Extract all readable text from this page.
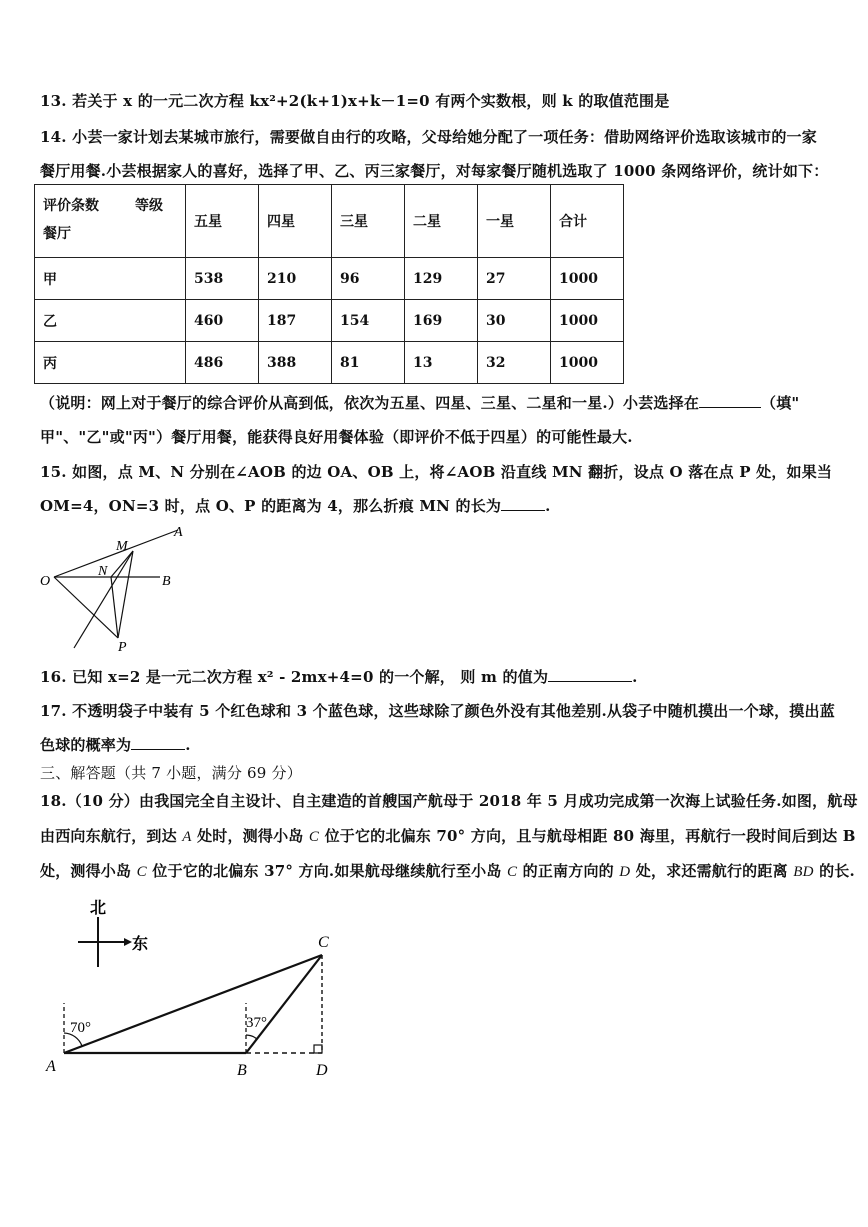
13. 若关于 x 的一元二次方程 kx²+2(k+1)x+k－1=0 有两个实数根，则 k 的取值范围是
14. 小芸一家计划去某城市旅行，需要做自由行的攻略，父母给她分配了一项任务：借助网络评价选取该城市的一家
餐厅用餐.小芸根据家人的喜好，选择了甲、乙、丙三家餐厅，对每家餐厅随机选取了 1000 条网络评价，统计如下：
评价条数 等级
餐厅	五星	四星	三星	二星	一星	合计
甲	538	210	96	129	27	1000
乙	460	187	154	169	30	1000
丙	486	388	81	13	32	1000
（说明：网上对于餐厅的综合评价从高到低，依次为五星、四星、三星、二星和一星.）小芸选择在	（填"
甲"、"乙"或"丙"）餐厅用餐，能获得良好用餐体验（即评价不低于四星）的可能性最大.
15. 如图，点 M、N 分别在∠AOB 的边 OA、OB 上，将∠AOB 沿直线 MN 翻折，设点 O 落在点 P 处，如果当
OM=4，ON=3 时，点 O、P 的距离为 4，那么折痕 MN 的长为	.
A
M
N
O	B
P
16. 已知 x=2 是一元二次方程 x² - 2mx+4=0 的一个解， 则 m 的值为	.
17. 不透明袋子中装有 5 个红色球和 3 个蓝色球，这些球除了颜色外没有其他差别.从袋子中随机摸出一个球，摸出蓝
色球的概率为	.
三、解答题（共 7 小题，满分 69 分）
18.（10 分）由我国完全自主设计、自主建造的首艘国产航母于 2018 年 5 月成功完成第一次海上试验任务.如图，航母
由西向东航行，到达 A 处时，测得小岛 C 位于它的北偏东 70° 方向，且与航母相距 80 海里，再航行一段时间后到达 B
处，测得小岛 C 位于它的北偏东 37° 方向.如果航母继续航行至小岛 C 的正南方向的 D 处，求还需航行的距离 BD 的长.
北
东
70°	37°
A	B
C
D
